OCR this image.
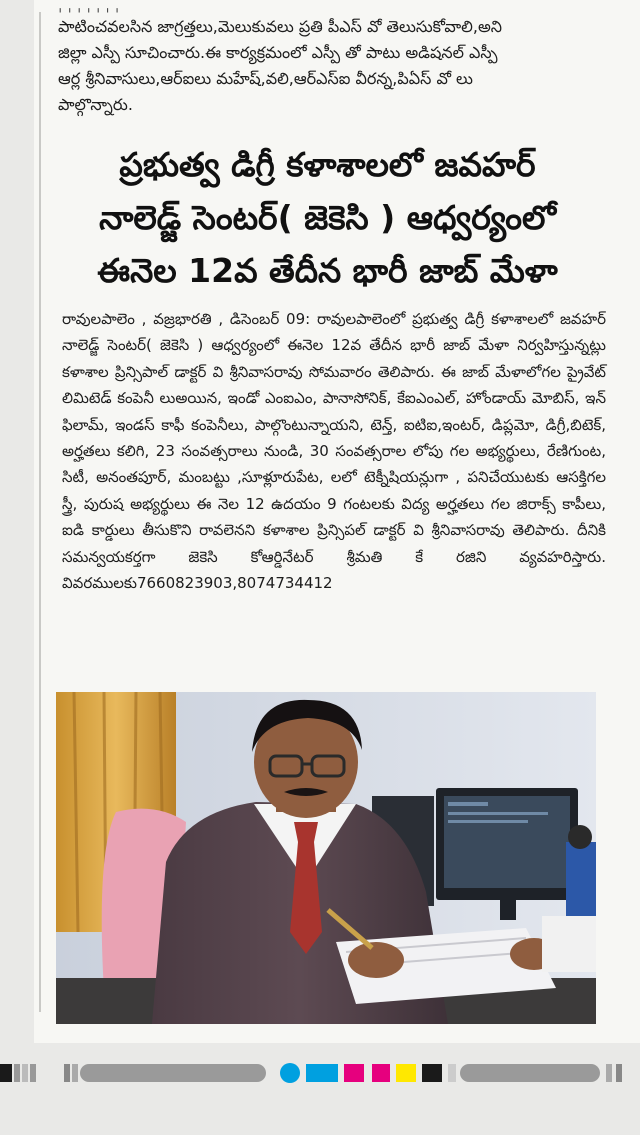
ˌ ˌ ˌ ˌ ˌ ˌ ˌ

పాటించవలసిన జాగ్రత్తలు,మెలుకువలు ప్రతి పీఎస్ వో తెలుసుకోవాలి,అని

జిల్లా ఎస్పీ సూచించారు.ఈ కార్యక్రమంలో ఎస్పీ తో పాటు అడిషనల్ ఎస్పీ

ఆర్ల శ్రీనివాసులు,ఆర్ఐలు మహేష్,వలి,ఆర్ఎస్ఐ వీరన్న,పిఏస్ వో లు

పాల్గొన్నారు.

ప్రభుత్వ డిగ్రీ కళాశాలలో జవహర్

నాలెడ్జ్ సెంటర్( జెకెసి ) ఆధ్వర్యంలో

ఈనెల 12వ తేదీన భారీ జాబ్ మేళా

రావులపాలెం , వజ్రభారతి , డిసెంబర్ 09: రావులపాలెంలో ప్రభుత్వ డిగ్రీ కళాశాలలో జవహర్ నాలెడ్జ్ సెంటర్( జెకెసి ) ఆధ్వర్యంలో ఈనెల 12వ తేదీన భారీ జాబ్ మేళా నిర్వహిస్తున్నట్లు కళాశాల ప్రిన్సిపాల్ డాక్టర్ వి శ్రీనివాసరావు సోమవారం తెలిపారు. ఈ జాబ్ మేళాలోగల ప్రైవేట్ లిమిటెడ్ కంపెనీ లుఅయిన, ఇండో ఎంఐఎం, పానాసోనిక్, కేఐఎంఎల్, హోండాయ్ మోబిస్, ఇన్ ఫిలామ్, ఇండస్ కాఫీ కంపెనీలు, పాల్గొంటున్నాయని, టెన్త్, ఐటిఐ,ఇంటర్, డిప్లమో, డిగ్రీ,బిటెక్, అర్హతలు కలిగి, 23 సంవత్సరాలు నుండి, 30 సంవత్సరాల లోపు గల అభ్యర్థులు, రేణిగుంట, సిటీ, అనంతపూర్, మంబట్టు ,సూళ్లూరుపేట, లలో టెక్నీషియన్లుగా , పనిచేయుటకు ఆసక్తిగల స్త్రీ, పురుష అభ్యర్థులు ఈ నెల 12 ఉదయం 9 గంటలకు విద్య అర్హతలు గల జిరాక్స్ కాపీలు, ఐడి కార్డులు తీసుకొని రావలెనని కళాశాల ప్రిన్సిపల్ డాక్టర్ వి శ్రీనివాసరావు తెలిపారు. దీనికి సమన్వయకర్తగా జెకెసి కోఆర్డినేటర్ శ్రీమతి కే రజిని వ్యవహరిస్తారు. వివరములకు7660823903,8074734412
